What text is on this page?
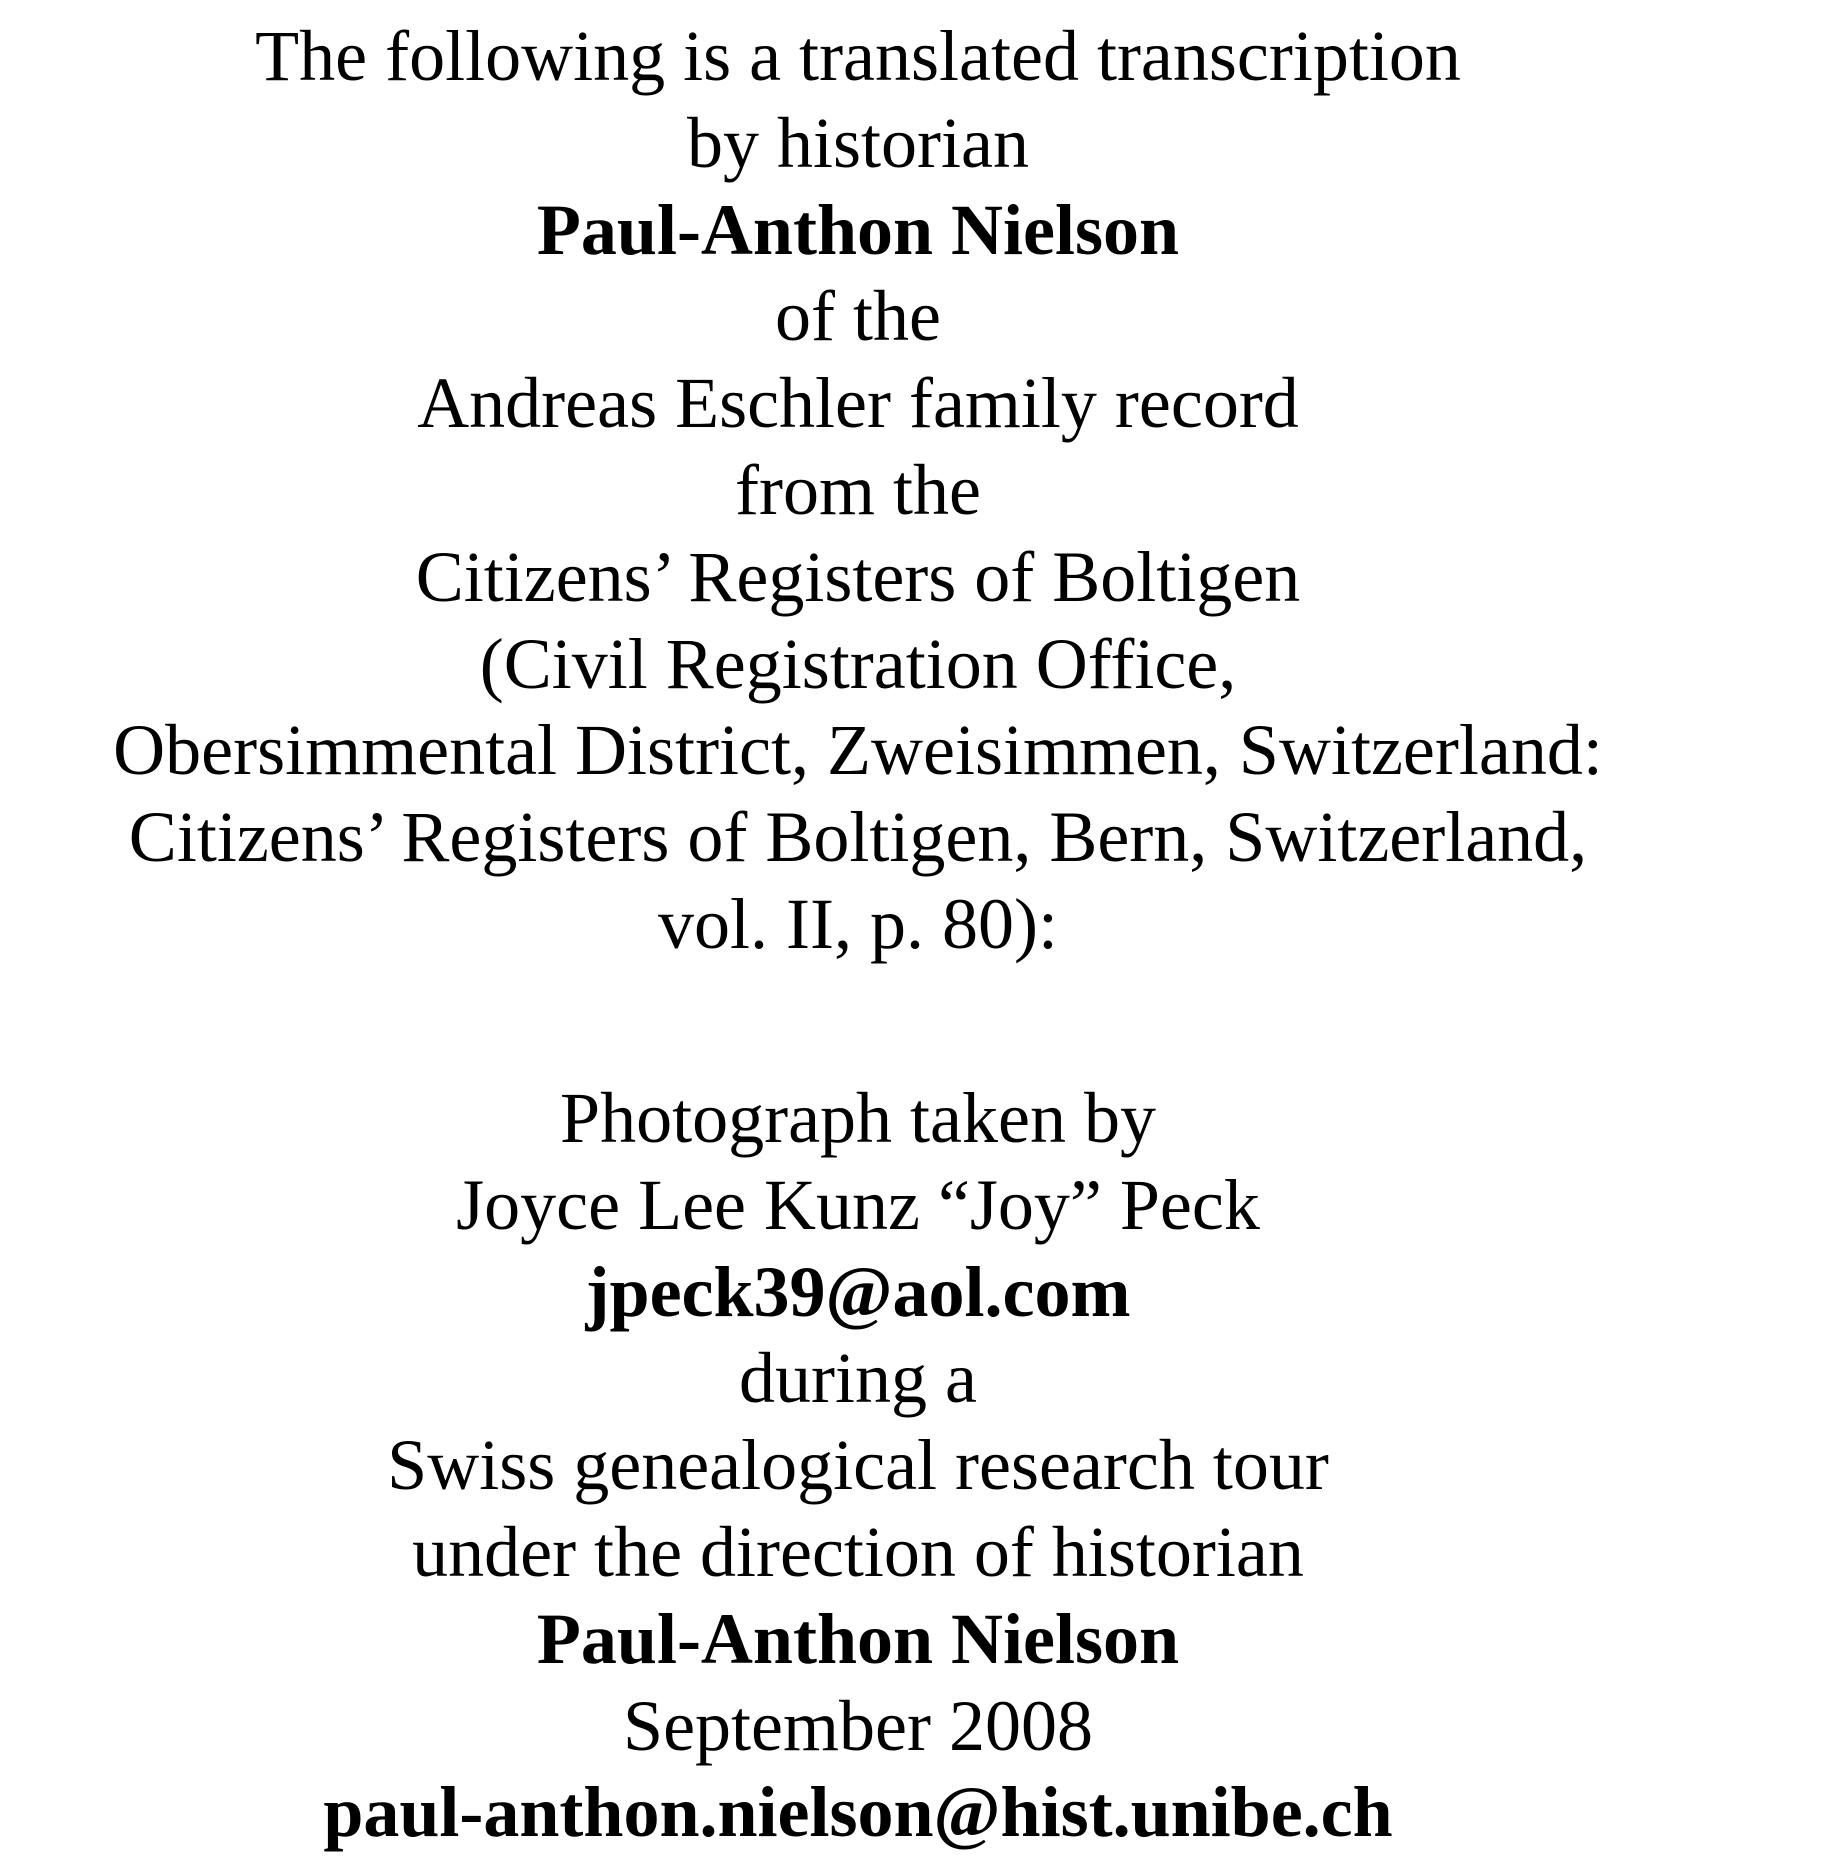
The following is a translated transcription
by historian
Paul-Anthon Nielson
of the
Andreas Eschler family record
from the
Citizens’ Registers of Boltigen
(Civil Registration Office,
Obersimmental District, Zweisimmen, Switzerland:
Citizens’ Registers of Boltigen, Bern, Switzerland,
vol. II, p. 80):
Photograph taken by
Joyce Lee Kunz “Joy” Peck
jpeck39@aol.com
during a
Swiss genealogical research tour
under the direction of historian
Paul-Anthon Nielson
September 2008
paul-anthon.nielson@hist.unibe.ch
